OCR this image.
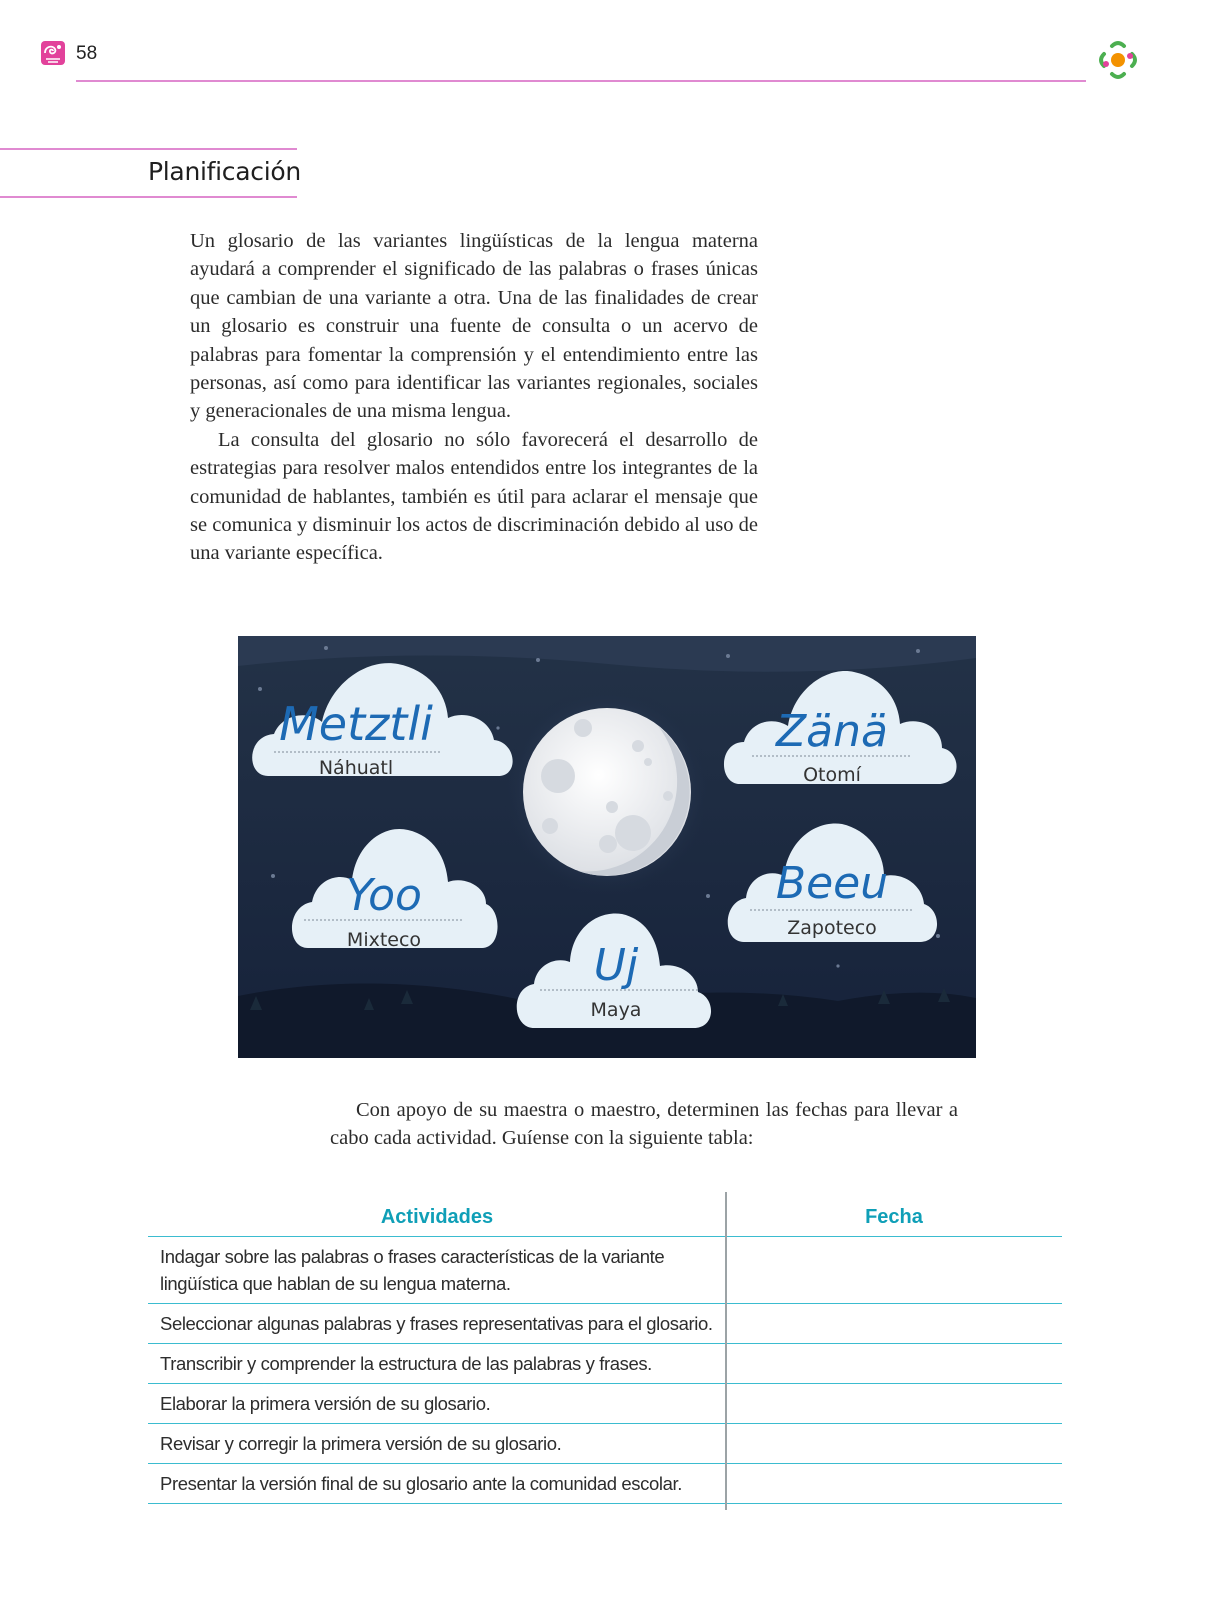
58
Planificación

Un glosario de las variantes lingüísticas de la lengua materna ayudará a comprender el significado de las palabras o frases únicas que cambian de una variante a otra. Una de las finalidades de crear un glosario es construir una fuente de consulta o un acervo de palabras para fomentar la comprensión y el entendimiento entre las personas, así como para identificar las variantes regionales, sociales y generacionales de una misma lengua.

La consulta del glosario no sólo favorecerá el desarrollo de estrategias para resolver malos entendidos entre los integrantes de la comunidad de hablantes, también es útil para aclarar el mensaje que se comunica y disminuir los actos de discriminación debido al uso de una variante específica.

Metztli
Náhuatl
Zänä
Otomí
Yoo
Mixteco
Beeu
Zapoteco
Uj
Maya

Con apoyo de su maestra o maestro, determinen las fechas para llevar a cabo cada actividad. Guíense con la siguiente tabla:

Actividades	Fecha
Indagar sobre las palabras o frases características de la variante lingüística que hablan de su lengua materna.
Seleccionar algunas palabras y frases representativas para el glosario.
Transcribir y comprender la estructura de las palabras y frases.
Elaborar la primera versión de su glosario.
Revisar y corregir la primera versión de su glosario.
Presentar la versión final de su glosario ante la comunidad escolar.
